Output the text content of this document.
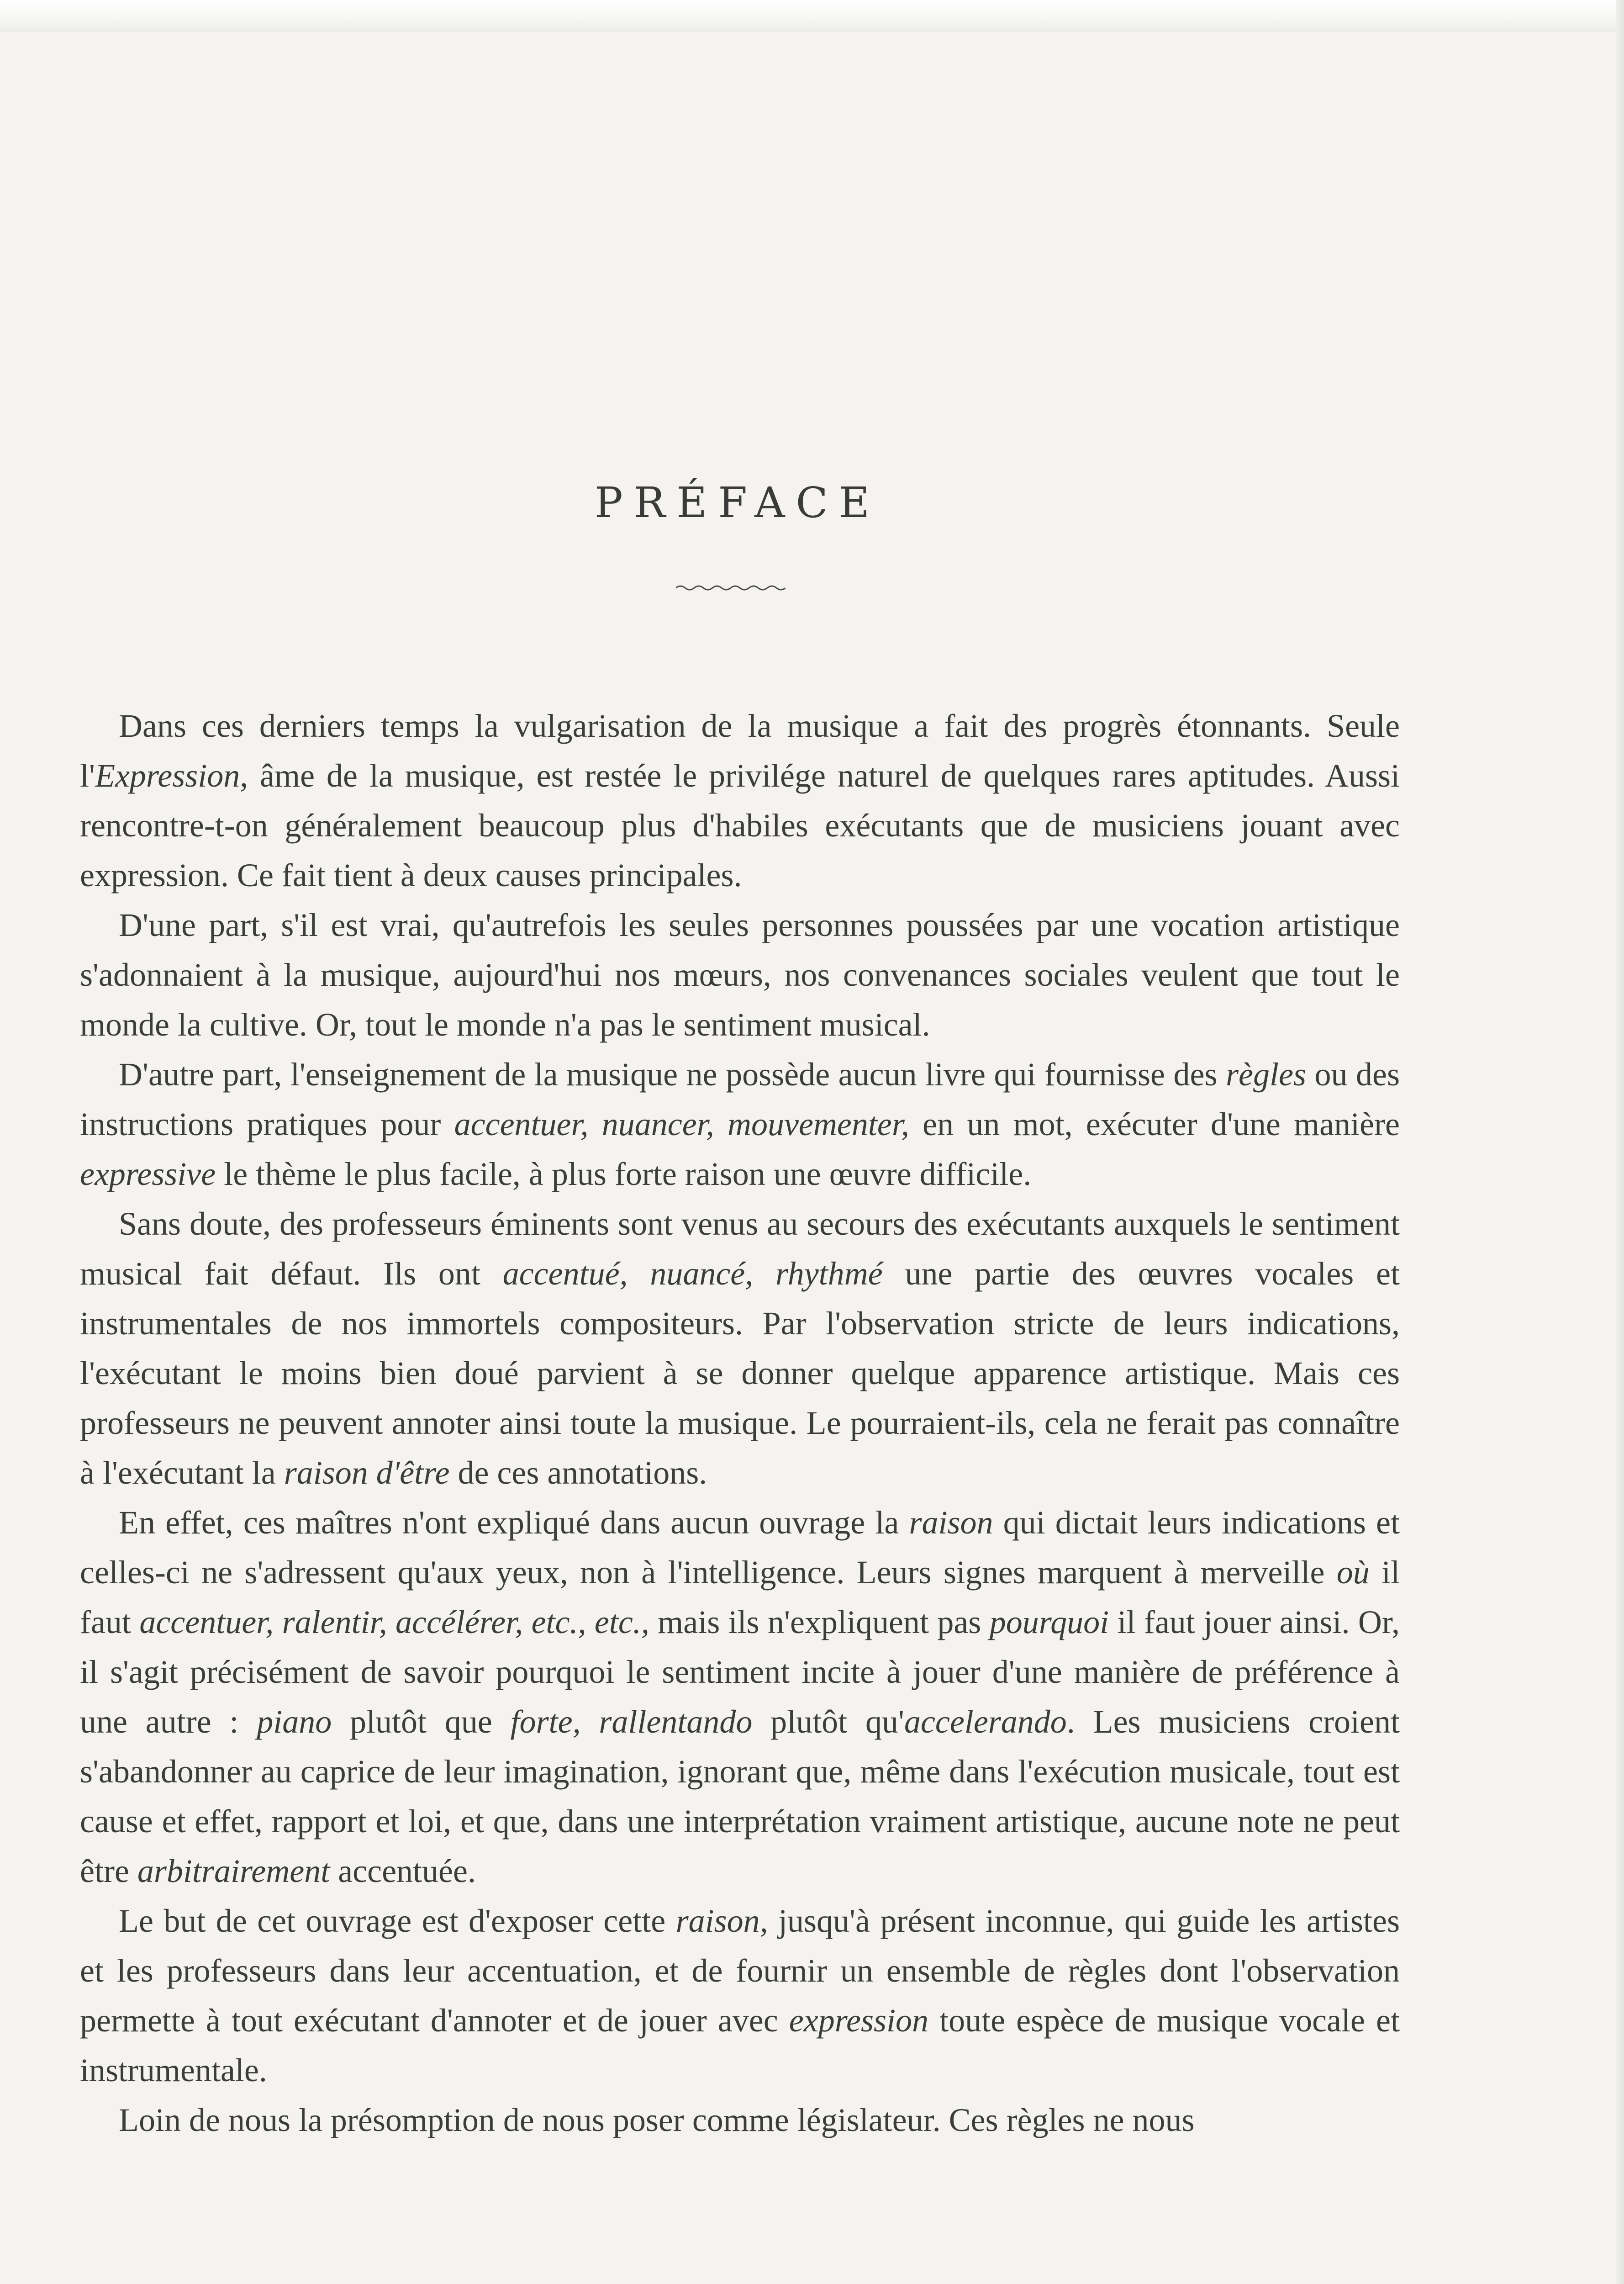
PRÉFACE

Dans ces derniers temps la vulgarisation de la musique a fait des progrès étonnants. Seule l'Expression, âme de la musique, est restée le privilége naturel de quelques rares aptitudes. Aussi rencontre-t-on généralement beaucoup plus d'habiles exécutants que de musiciens jouant avec expression. Ce fait tient à deux causes principales.

D'une part, s'il est vrai, qu'autrefois les seules personnes poussées par une vocation artistique s'adonnaient à la musique, aujourd'hui nos mœurs, nos convenances sociales veulent que tout le monde la cultive. Or, tout le monde n'a pas le sentiment musical.

D'autre part, l'enseignement de la musique ne possède aucun livre qui fournisse des règles ou des instructions pratiques pour accentuer, nuancer, mouvementer, en un mot, exécuter d'une manière expressive le thème le plus facile, à plus forte raison une œuvre difficile.

Sans doute, des professeurs éminents sont venus au secours des exécutants auxquels le sentiment musical fait défaut. Ils ont accentué, nuancé, rhythmé une partie des œuvres vocales et instrumentales de nos immortels compositeurs. Par l'observation stricte de leurs indications, l'exécutant le moins bien doué parvient à se donner quelque apparence artistique. Mais ces professeurs ne peuvent annoter ainsi toute la musique. Le pourraient-ils, cela ne ferait pas connaître à l'exécutant la raison d'être de ces annotations.

En effet, ces maîtres n'ont expliqué dans aucun ouvrage la raison qui dictait leurs indications et celles-ci ne s'adressent qu'aux yeux, non à l'intelligence. Leurs signes marquent à merveille où il faut accentuer, ralentir, accélérer, etc., etc., mais ils n'expliquent pas pourquoi il faut jouer ainsi. Or, il s'agit précisément de savoir pourquoi le sentiment incite à jouer d'une manière de préférence à une autre : piano plutôt que forte, rallentando plutôt qu'accelerando. Les musiciens croient s'abandonner au caprice de leur imagination, ignorant que, même dans l'exécution musicale, tout est cause et effet, rapport et loi, et que, dans une interprétation vraiment artistique, aucune note ne peut être arbitrairement accentuée.

Le but de cet ouvrage est d'exposer cette raison, jusqu'à présent inconnue, qui guide les artistes et les professeurs dans leur accentuation, et de fournir un ensemble de règles dont l'observation permette à tout exécutant d'annoter et de jouer avec expression toute espèce de musique vocale et instrumentale.

Loin de nous la présomption de nous poser comme législateur. Ces règles ne nous
